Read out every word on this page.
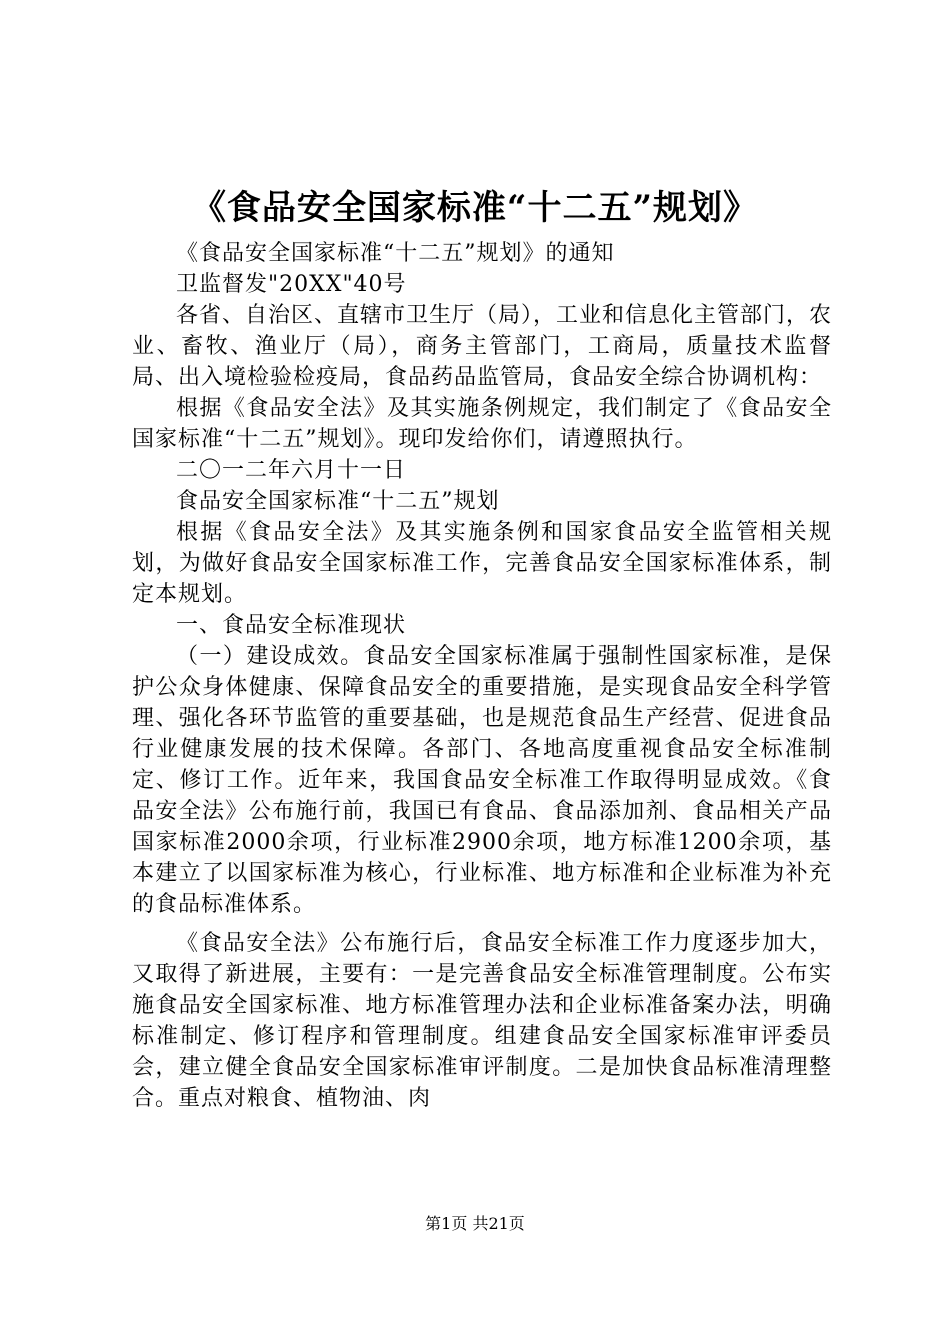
《食品安全国家标准“十二五”规划》

《食品安全国家标准“十二五”规划》的通知

卫监督发"20XX"40号

各省、自治区、直辖市卫生厅（局），工业和信息化主管部门，农业、畜牧、渔业厅（局），商务主管部门，工商局，质量技术监督局、出入境检验检疫局，食品药品监管局，食品安全综合协调机构：

根据《食品安全法》及其实施条例规定，我们制定了《食品安全国家标准“十二五”规划》。现印发给你们，请遵照执行。

二〇一二年六月十一日

食品安全国家标准“十二五”规划

根据《食品安全法》及其实施条例和国家食品安全监管相关规划，为做好食品安全国家标准工作，完善食品安全国家标准体系，制定本规划。

一、食品安全标准现状

（一）建设成效。食品安全国家标准属于强制性国家标准，是保护公众身体健康、保障食品安全的重要措施，是实现食品安全科学管理、强化各环节监管的重要基础，也是规范食品生产经营、促进食品行业健康发展的技术保障。各部门、各地高度重视食品安全标准制定、修订工作。近年来，我国食品安全标准工作取得明显成效。《食品安全法》公布施行前，我国已有食品、食品添加剂、食品相关产品国家标准2000余项，行业标准2900余项，地方标准1200余项，基本建立了以国家标准为核心，行业标准、地方标准和企业标准为补充的食品标准体系。

《食品安全法》公布施行后，食品安全标准工作力度逐步加大，又取得了新进展，主要有：一是完善食品安全标准管理制度。公布实施食品安全国家标准、地方标准管理办法和企业标准备案办法，明确标准制定、修订程序和管理制度。组建食品安全国家标准审评委员会，建立健全食品安全国家标准审评制度。二是加快食品标准清理整合。重点对粮食、植物油、肉

第1页 共21页
